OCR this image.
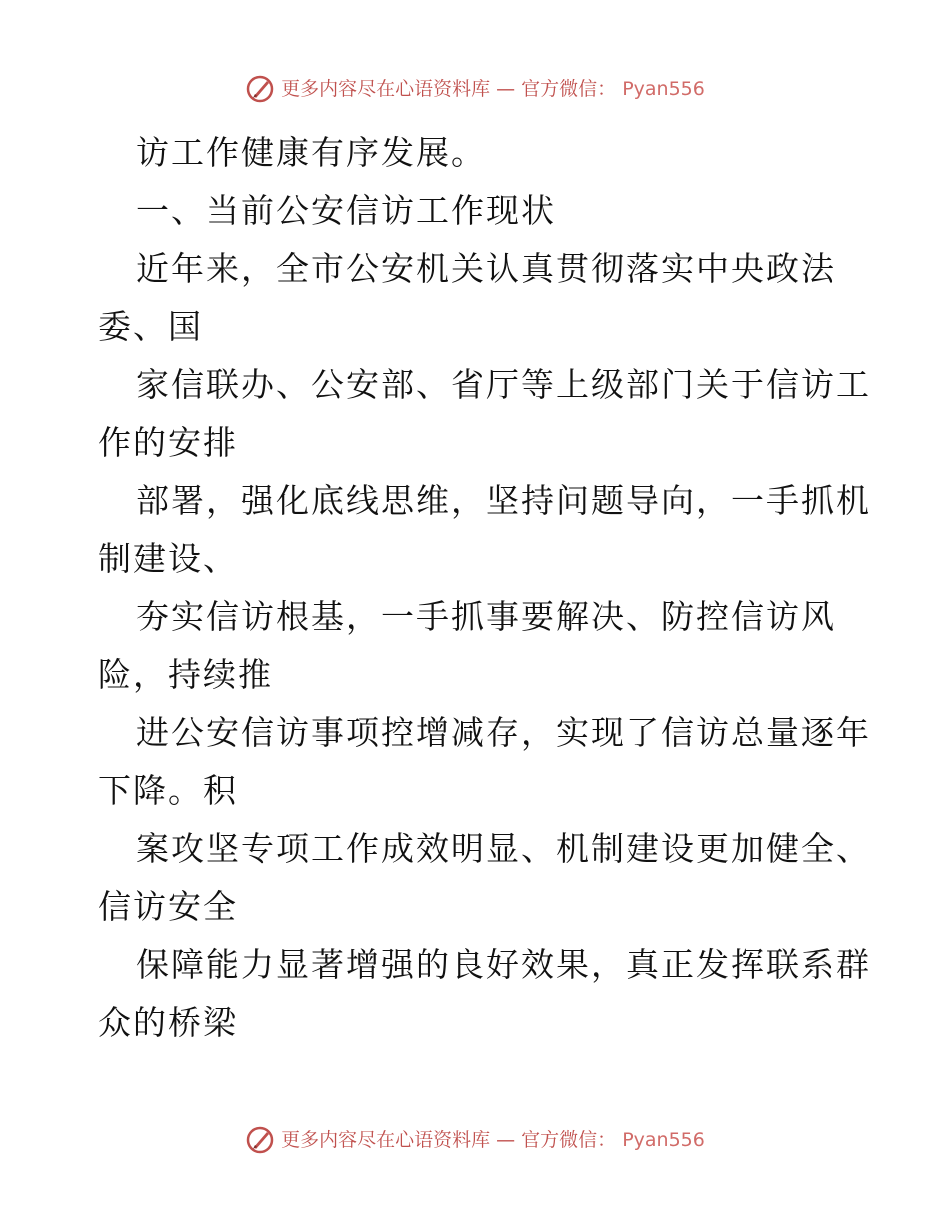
更多内容尽在心语资料库 — 官方微信： Pyan556
访工作健康有序发展。
一、当前公安信访工作现状
近年来，全市公安机关认真贯彻落实中央政法
委、国
家信联办、公安部、省厅等上级部门关于信访工
作的安排
部署，强化底线思维，坚持问题导向，一手抓机
制建设、
夯实信访根基，一手抓事要解决、防控信访风
险，持续推
进公安信访事项控增减存，实现了信访总量逐年
下降。积
案攻坚专项工作成效明显、机制建设更加健全、
信访安全
保障能力显著增强的良好效果，真正发挥联系群
众的桥梁
更多内容尽在心语资料库 — 官方微信： Pyan556
